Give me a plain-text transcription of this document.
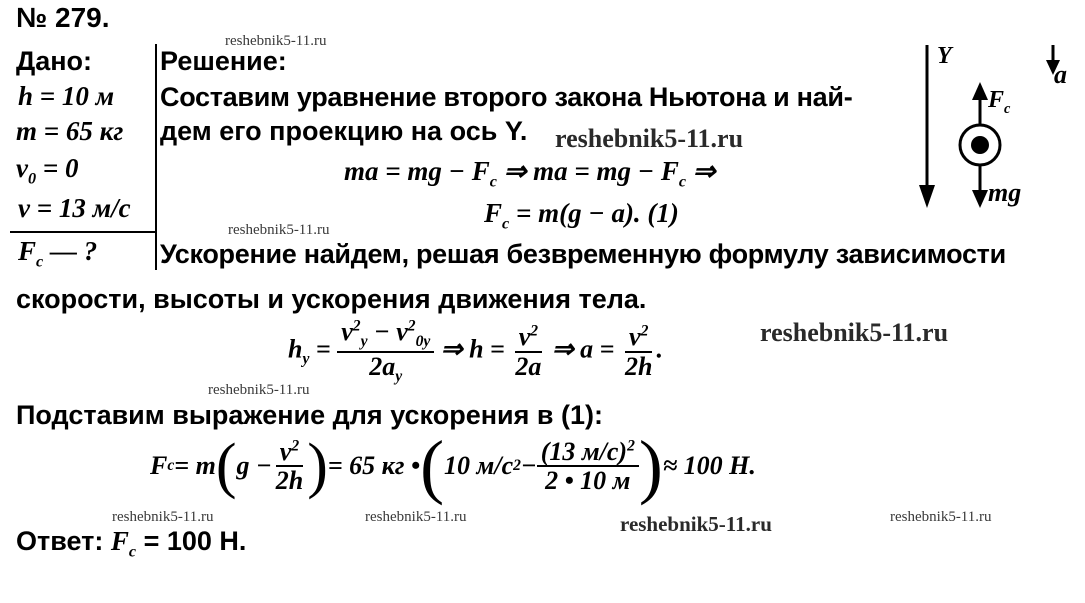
№ 279.
reshebnik5-11.ru
reshebnik5-11.ru
reshebnik5-11.ru
reshebnik5-11.ru	reshebnik5-11.ru	reshebnik5-11.ru
reshebnik5-11.ru
reshebnik5-11.ru
reshebnik5-11.ru
Дано:
h = 10 м
m = 65 кг
$v_0 = 0$
v = 13 м/с
$F_c$ — ?
Решение:
Составим уравнение второго закона Ньютона и най-
дем его проекцию на ось Y.
ma = mg − $F_c$ ⇒ ma = mg − $F_c$ ⇒
$F_c = m(g - a)$. (1)
Ускорение найдем, решая безвременную формулу зависимости
скорости, высоты и ускорения движения тела.
$h_y = \frac{v^2_y - v^2_{0y}}{2a_y}$ ⇒ $h = \frac{v^2}{2a}$ ⇒ $a = \frac{v^2}{2h}$ .
Подставим выражение для ускорения в (1):
F c = m ( $g - \frac{v^2}{2h}$ ) = 65 кг • ( 10 м/с $2 - \frac{(13 м/с)^2}{2 • 10 м}$ ) ≈ 100 Н.
Ответ: $F_c = 100$ Н.
Y
a
$F_c$
mg
